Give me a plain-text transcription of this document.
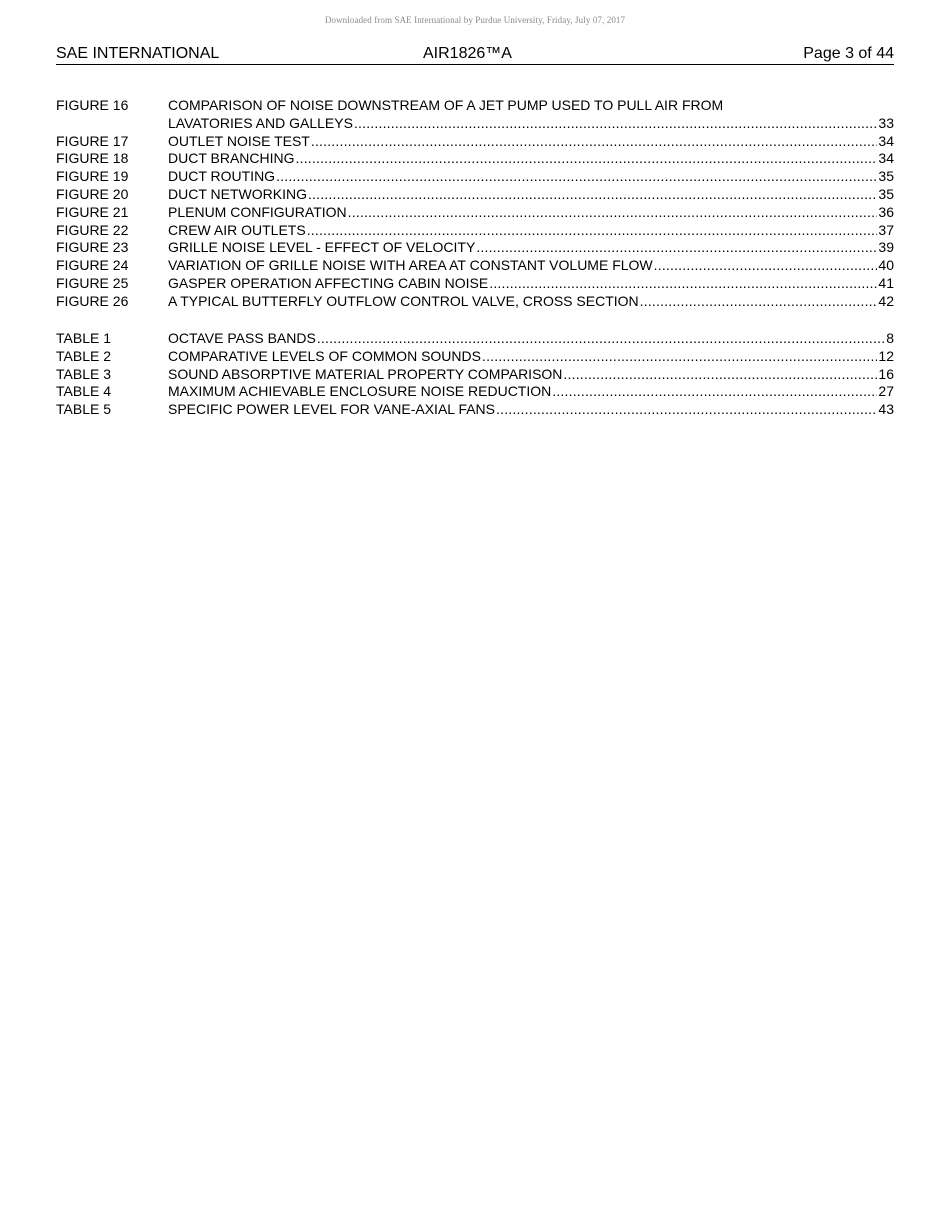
Downloaded from SAE International by Purdue University, Friday, July 07, 2017
SAE INTERNATIONAL	AIR1826™A	Page 3 of 44
FIGURE 16	COMPARISON OF NOISE DOWNSTREAM OF A JET PUMP USED TO PULL AIR FROM
LAVATORIES AND GALLEYS .....	33
FIGURE 17	OUTLET NOISE TEST .....	34
FIGURE 18	DUCT BRANCHING .....	34
FIGURE 19	DUCT ROUTING .....	35
FIGURE 20	DUCT NETWORKING .....	35
FIGURE 21	PLENUM CONFIGURATION .....	36
FIGURE 22	CREW AIR OUTLETS .....	37
FIGURE 23	GRILLE NOISE LEVEL - EFFECT OF VELOCITY .....	39
FIGURE 24	VARIATION OF GRILLE NOISE WITH AREA AT CONSTANT VOLUME FLOW .....	40
FIGURE 25	GASPER OPERATION AFFECTING CABIN NOISE .....	41
FIGURE 26	A TYPICAL BUTTERFLY OUTFLOW CONTROL VALVE, CROSS SECTION .....	42
TABLE 1	OCTAVE PASS BANDS .....	8
TABLE 2	COMPARATIVE LEVELS OF COMMON SOUNDS .....	12
TABLE 3	SOUND ABSORPTIVE MATERIAL PROPERTY COMPARISON .....	16
TABLE 4	MAXIMUM ACHIEVABLE ENCLOSURE NOISE REDUCTION .....	27
TABLE 5	SPECIFIC POWER LEVEL FOR VANE-AXIAL FANS .....	43
